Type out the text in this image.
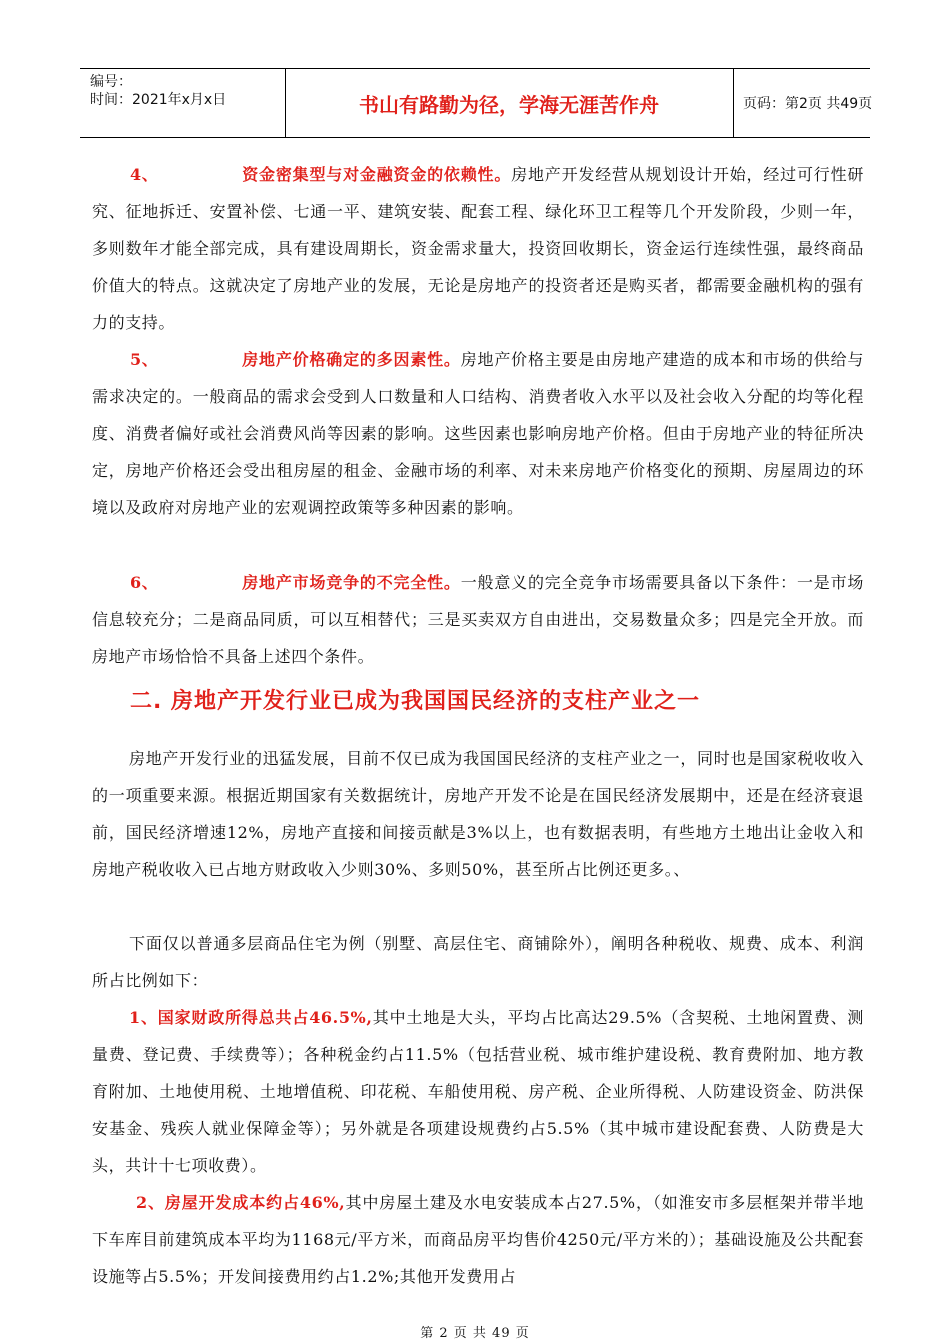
编号：
时间：2021年x月x日	书山有路勤为径，学海无涯苦作舟	页码：第2页 共49页

4、	资金密集型与对金融资金的依赖性。房地产开发经营从规划设计开始，经过可行性研究、征地拆迁、安置补偿、七通一平、建筑安装、配套工程、绿化环卫工程等几个开发阶段，少则一年，多则数年才能全部完成，具有建设周期长，资金需求量大，投资回收期长，资金运行连续性强，最终商品价值大的特点。这就决定了房地产业的发展，无论是房地产的投资者还是购买者，都需要金融机构的强有力的支持。

5、	房地产价格确定的多因素性。房地产价格主要是由房地产建造的成本和市场的供给与需求决定的。一般商品的需求会受到人口数量和人口结构、消费者收入水平以及社会收入分配的均等化程度、消费者偏好或社会消费风尚等因素的影响。这些因素也影响房地产价格。但由于房地产业的特征所决定，房地产价格还会受出租房屋的租金、金融市场的利率、对未来房地产价格变化的预期、房屋周边的环境以及政府对房地产业的宏观调控政策等多种因素的影响。

6、	房地产市场竞争的不完全性。一般意义的完全竞争市场需要具备以下条件：一是市场信息较充分；二是商品同质，可以互相替代；三是买卖双方自由进出，交易数量众多；四是完全开放。而房地产市场恰恰不具备上述四个条件。

二. 房地产开发行业已成为我国国民经济的支柱产业之一

房地产开发行业的迅猛发展，目前不仅已成为我国国民经济的支柱产业之一，同时也是国家税收收入的一项重要来源。根据近期国家有关数据统计，房地产开发不论是在国民经济发展期中，还是在经济衰退前，国民经济增速12%，房地产直接和间接贡献是3%以上，也有数据表明，有些地方土地出让金收入和房地产税收收入已占地方财政收入少则30%、多则50%，甚至所占比例还更多。、

下面仅以普通多层商品住宅为例（别墅、高层住宅、商铺除外），阐明各种税收、规费、成本、利润所占比例如下：

1、国家财政所得总共占46.5%,其中土地是大头，平均占比高达29.5%（含契税、土地闲置费、测量费、登记费、手续费等）；各种税金约占11.5%（包括营业税、城市维护建设税、教育费附加、地方教育附加、土地使用税、土地增值税、印花税、车船使用税、房产税、企业所得税、人防建设资金、防洪保安基金、残疾人就业保障金等）；另外就是各项建设规费约占5.5%（其中城市建设配套费、人防费是大头，共计十七项收费）。

2、房屋开发成本约占46%,其中房屋土建及水电安装成本占27.5%，（如淮安市多层框架并带半地下车库目前建筑成本平均为1168元/平方米，而商品房平均售价4250元/平方米的）；基础设施及公共配套设施等占5.5%；开发间接费用约占1.2%;其他开发费用占

第 2 页 共 49 页
